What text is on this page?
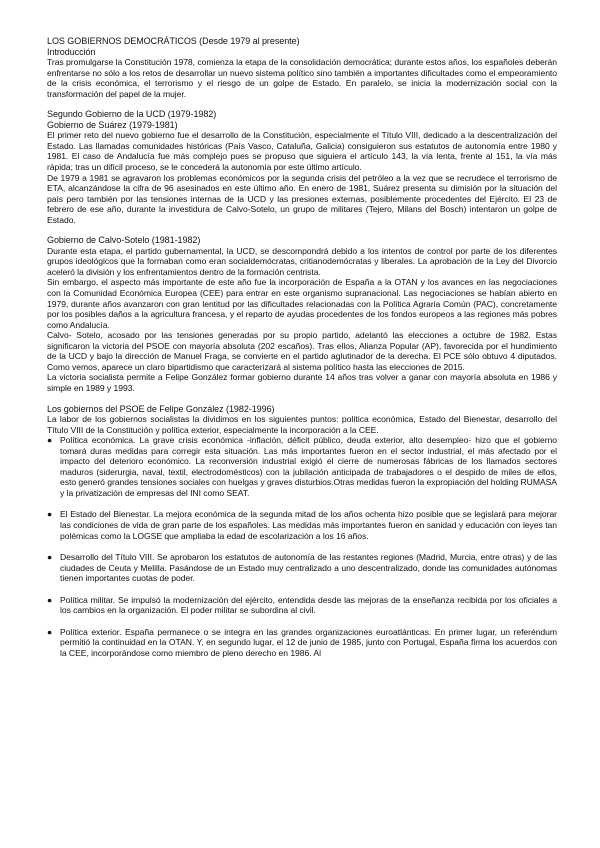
LOS GOBIERNOS DEMOCRÁTICOS (Desde 1979 al presente)
Introducción

Tras promulgarse la Constitución 1978, comienza la etapa de la consolidación democrática; durante estos años, los españoles deberán enfrentarse no sólo a los retos de desarrollar un nuevo sistema político sino también a importantes dificultades como el empeoramiento de la crisis económica, el terrorismo y el riesgo de un golpe de Estado. En paralelo, se inicia la modernización social con la transformación del papel de la mujer.

Segundo Gobierno de la UCD (1979-1982)
Gobierno de Suárez (1979-1981)

El primer reto del nuevo gobierno fue el desarrollo de la Constitución, especialmente el Título VIII, dedicado a la descentralización del Estado. Las llamadas comunidades históricas (País Vasco, Cataluña, Galicia) consiguieron sus estatutos de autonomía entre 1980 y 1981. El caso de Andalucía fue más complejo pues se propuso que siguiera el artículo 143, la vía lenta, frente al 151, la vía más rápida; tras un difícil proceso, se le concederá la autonomía por este último artículo.

De 1979 a 1981 se agravaron los problemas económicos por la segunda crisis del petróleo a la vez que se recrudece el terrorismo de ETA, alcanzándose la cifra de 96 asesinados en este último año. En enero de 1981, Suárez presenta su dimisión por la situación del país pero también por las tensiones internas de la UCD y las presiones externas, posiblemente procedentes del Ejército. El 23 de febrero de ese año, durante la investidura de Calvo-Sotelo, un grupo de militares (Tejero, Milans del Bosch) intentaron un golpe de Estado.

Gobierno de Calvo-Sotelo (1981-1982)

Durante esta etapa, el partido gubernamental, la UCD, se descompondrá debido a los intentos de control por parte de los diferentes grupos ideológicos que la formaban como eran socialdemócratas, critianodemócratas y liberales. La aprobación de la Ley del Divorcio aceleró la división y los enfrentamientos dentro de la formación centrista.

Sin embargo, el aspecto más importante de este año fue la incorporación de España a la OTAN y los avances en las negociaciones con la Comunidad Económica Europea (CEE) para entrar en este organismo supranacional. Las negociaciones se habían abierto en 1979, durante años avanzaron con gran lentitud por las dificultades relacionadas con la Política Agraria Común (PAC), concretamente por los posibles daños a la agricultura francesa, y el reparto de ayudas procedentes de los fondos europeos a las regiones más pobres como Andalucía.

Calvo- Sotelo, acosado por las tensiones generadas por su propio partido, adelantó las elecciones a octubre de 1982. Estas significaron la victoria del PSOE con mayoría absoluta (202 escaños). Tras ellos, Alianza Popular (AP), favorecida por el hundimiento de la UCD y bajo la dirección de Manuel Fraga, se convierte en el partido aglutinador de la derecha. El PCE sólo obtuvo 4 diputados. Como vemos, aparece un claro bipartidismo que caracterizará al sistema político hasta las elecciones de 2015.

La victoria socialista permite a Felipe González formar gobierno durante 14 años tras volver a ganar con mayoría absoluta en 1986 y simple en 1989 y 1993.

Los gobiernos del PSOE de Felipe González (1982-1996)

La labor de los gobiernos socialistas la dividimos en los siguientes puntos: política económica, Estado del Bienestar, desarrollo del Título VIII de la Constitución y política exterior, especialmente la incorporación a la CEE.

● Política económica. La grave crisis económica -inflación, déficit público, deuda exterior, alto desempleo- hizo que el gobierno tomará duras medidas para corregir esta situación. Las más importantes fueron en el sector industrial, el más afectado por el impacto del deterioro económico. La reconversión industrial exigió el cierre de numerosas fábricas de los llamados sectores maduros (siderurgia, naval, textil, electrodomésticos) con la jubilación anticipada de trabajadores o el despido de miles de ellos, esto generó grandes tensiones sociales con huelgas y graves disturbios.Otras medidas fueron la expropiación del holding RUMASA y la privatización de empresas del INI como SEAT.
● El Estado del Bienestar. La mejora económica de la segunda mitad de los años ochenta hizo posible que se legislará para mejorar las condiciones de vida de gran parte de los españoles. Las medidas más importantes fueron en sanidad y educación con leyes tan polémicas como la LOGSE que ampliaba la edad de escolarización a los 16 años.
● Desarrollo del Título VIII. Se aprobaron los estatutos de autonomía de las restantes regiones (Madrid, Murcia, entre otras) y de las ciudades de Ceuta y Melilla. Pasándose de un Estado muy centralizado a uno descentralizado, donde las comunidades autónomas tienen importantes cuotas de poder.
● Política militar. Se impulsó la modernización del ejército, entendida desde las mejoras de la enseñanza recibida por los oficiales a los cambios en la organización. El poder militar se subordina al civil.
● Política exterior. España permanece o se integra en las grandes organizaciones euroatlánticas. En primer lugar, un referéndum permitió la continuidad en la OTAN. Y, en segundo lugar, el 12 de junio de 1985, junto con Portugal, España firma los acuerdos con la CEE, incorporándose como miembro de pleno derecho en 1986. Al
